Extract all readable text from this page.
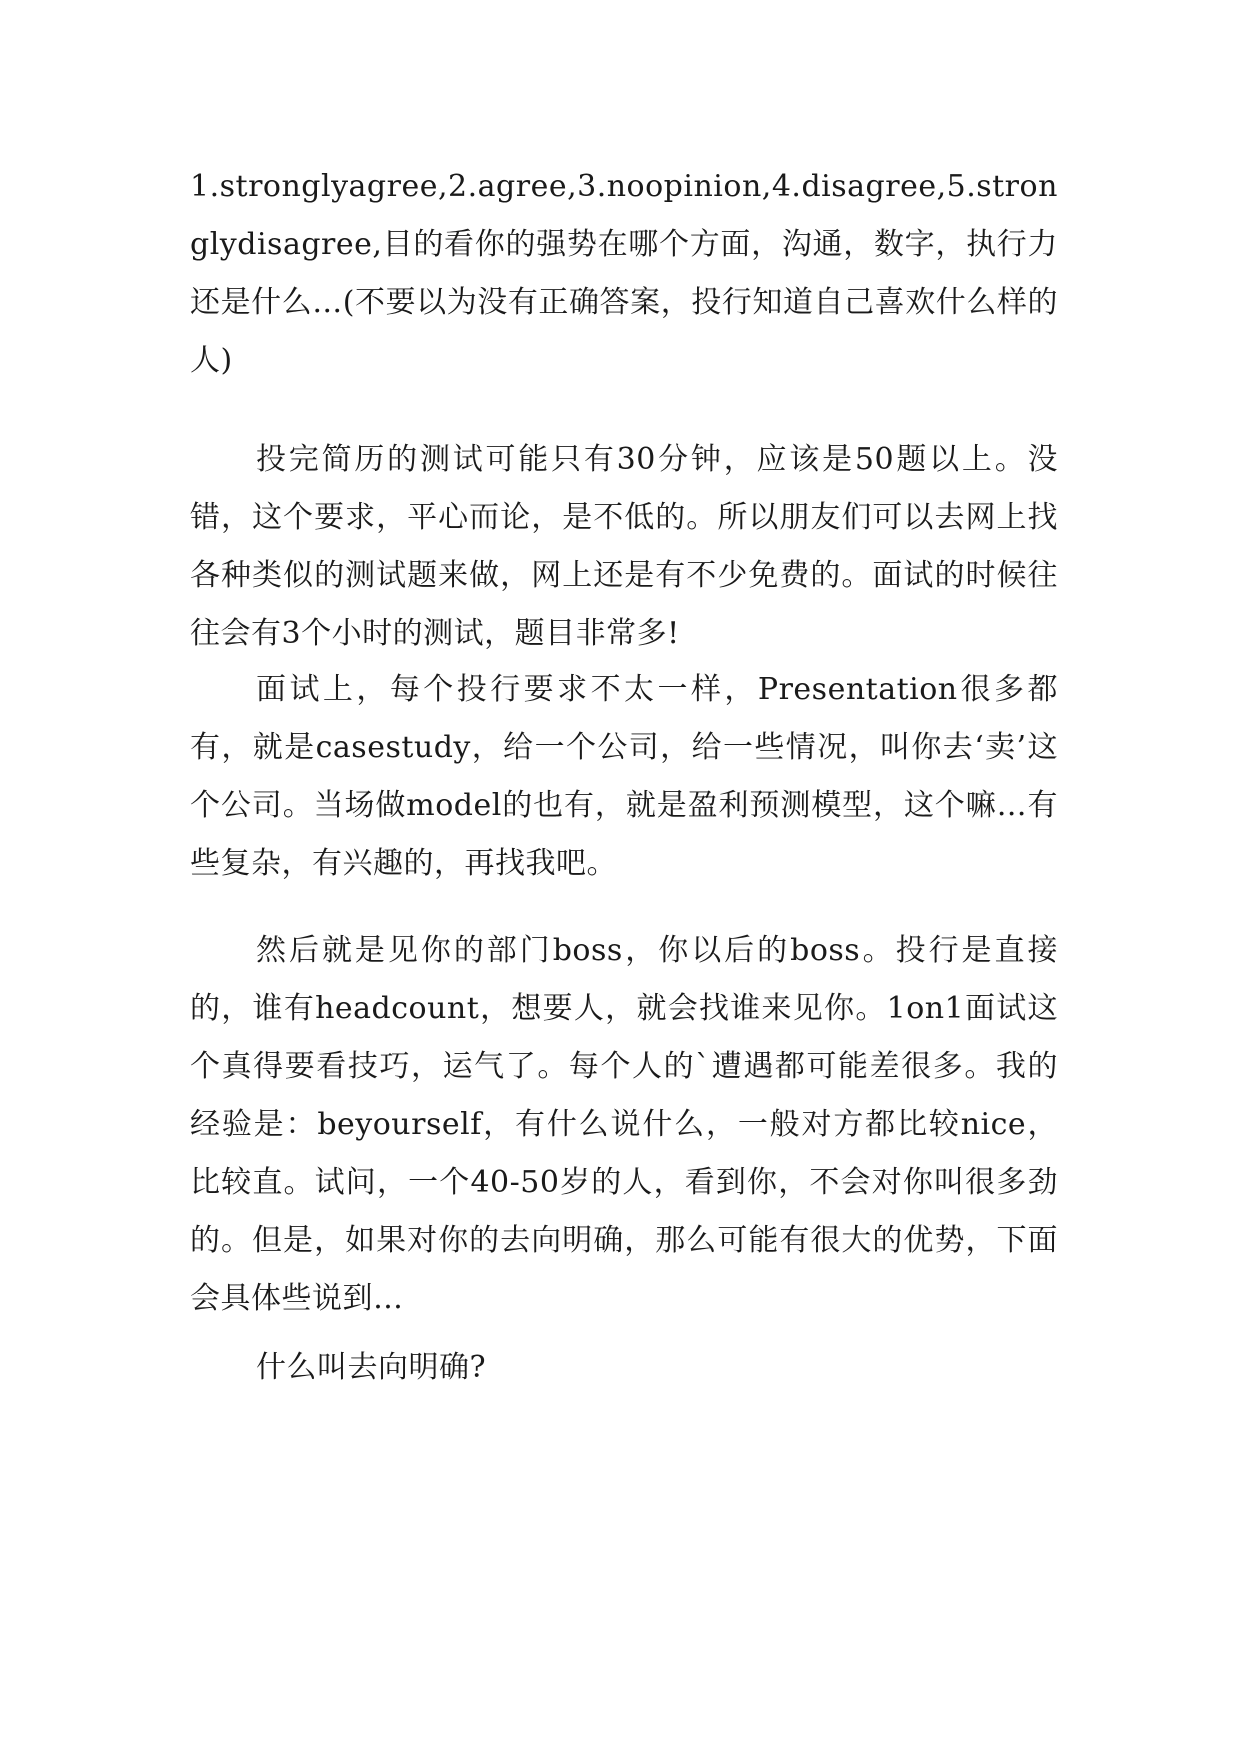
1.stronglyagree,2.agree,3.noopinion,4.disagree,5.stronglydisagree,目的看你的强势在哪个方面，沟通，数字，执行力还是什么…(不要以为没有正确答案，投行知道自己喜欢什么样的人)

投完简历的测试可能只有30分钟，应该是50题以上。没错，这个要求，平心而论，是不低的。所以朋友们可以去网上找各种类似的测试题来做，网上还是有不少免费的。面试的时候往往会有3个小时的测试，题目非常多!

面试上，每个投行要求不太一样，Presentation很多都有，就是casestudy，给一个公司，给一些情况，叫你去‘卖’这个公司。当场做model的也有，就是盈利预测模型，这个嘛…有些复杂，有兴趣的，再找我吧。

然后就是见你的部门boss，你以后的boss。投行是直接的，谁有headcount，想要人，就会找谁来见你。1on1面试这个真得要看技巧，运气了。每个人的`遭遇都可能差很多。我的经验是：beyourself，有什么说什么，一般对方都比较nice，比较直。试问，一个40-50岁的人，看到你，不会对你叫很多劲的。但是，如果对你的去向明确，那么可能有很大的优势，下面会具体些说到…

什么叫去向明确?
